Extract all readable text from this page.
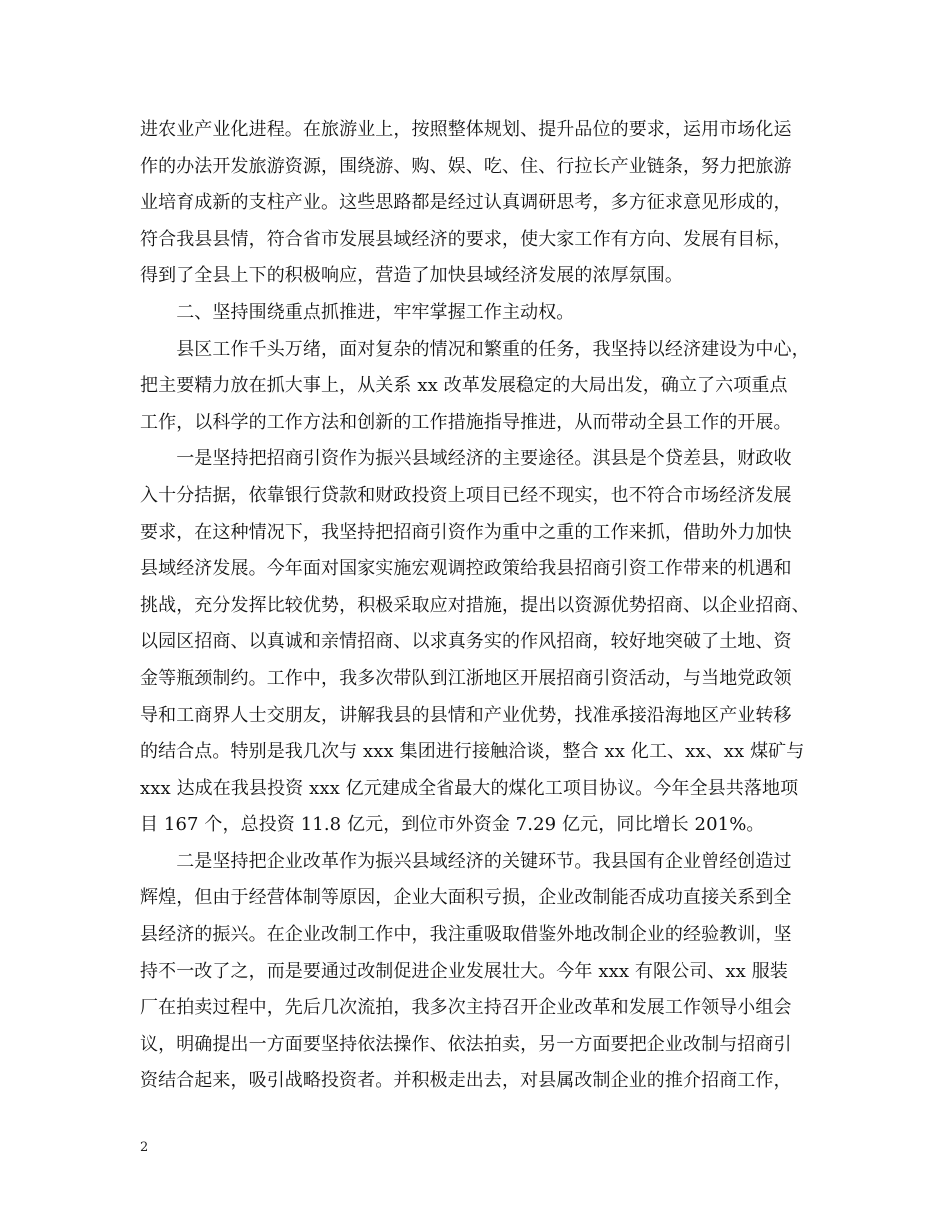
进农业产业化进程。在旅游业上，按照整体规划、提升品位的要求，运用市场化运
作的办法开发旅游资源，围绕游、购、娱、吃、住、行拉长产业链条，努力把旅游
业培育成新的支柱产业。这些思路都是经过认真调研思考，多方征求意见形成的，
符合我县县情，符合省市发展县域经济的要求，使大家工作有方向、发展有目标，
得到了全县上下的积极响应，营造了加快县域经济发展的浓厚氛围。
　　二、坚持围绕重点抓推进，牢牢掌握工作主动权。
　　县区工作千头万绪，面对复杂的情况和繁重的任务，我坚持以经济建设为中心，
把主要精力放在抓大事上，从关系 xx 改革发展稳定的大局出发，确立了六项重点
工作，以科学的工作方法和创新的工作措施指导推进，从而带动全县工作的开展。
　　一是坚持把招商引资作为振兴县域经济的主要途径。淇县是个贷差县，财政收
入十分拮据，依靠银行贷款和财政投资上项目已经不现实，也不符合市场经济发展
要求，在这种情况下，我坚持把招商引资作为重中之重的工作来抓，借助外力加快
县域经济发展。今年面对国家实施宏观调控政策给我县招商引资工作带来的机遇和
挑战，充分发挥比较优势，积极采取应对措施，提出以资源优势招商、以企业招商、
以园区招商、以真诚和亲情招商、以求真务实的作风招商，较好地突破了土地、资
金等瓶颈制约。工作中，我多次带队到江浙地区开展招商引资活动，与当地党政领
导和工商界人士交朋友，讲解我县的县情和产业优势，找准承接沿海地区产业转移
的结合点。特别是我几次与 xxx 集团进行接触洽谈，整合 xx 化工、xx、xx 煤矿与
xxx 达成在我县投资 xxx 亿元建成全省最大的煤化工项目协议。今年全县共落地项
目 167 个，总投资 11.8 亿元，到位市外资金 7.29 亿元，同比增长 201%。
　　二是坚持把企业改革作为振兴县域经济的关键环节。我县国有企业曾经创造过
辉煌，但由于经营体制等原因，企业大面积亏损，企业改制能否成功直接关系到全
县经济的振兴。在企业改制工作中，我注重吸取借鉴外地改制企业的经验教训，坚
持不一改了之，而是要通过改制促进企业发展壮大。今年 xxx 有限公司、xx 服装
厂在拍卖过程中，先后几次流拍，我多次主持召开企业改革和发展工作领导小组会
议，明确提出一方面要坚持依法操作、依法拍卖，另一方面要把企业改制与招商引
资结合起来，吸引战略投资者。并积极走出去，对县属改制企业的推介招商工作，
2
